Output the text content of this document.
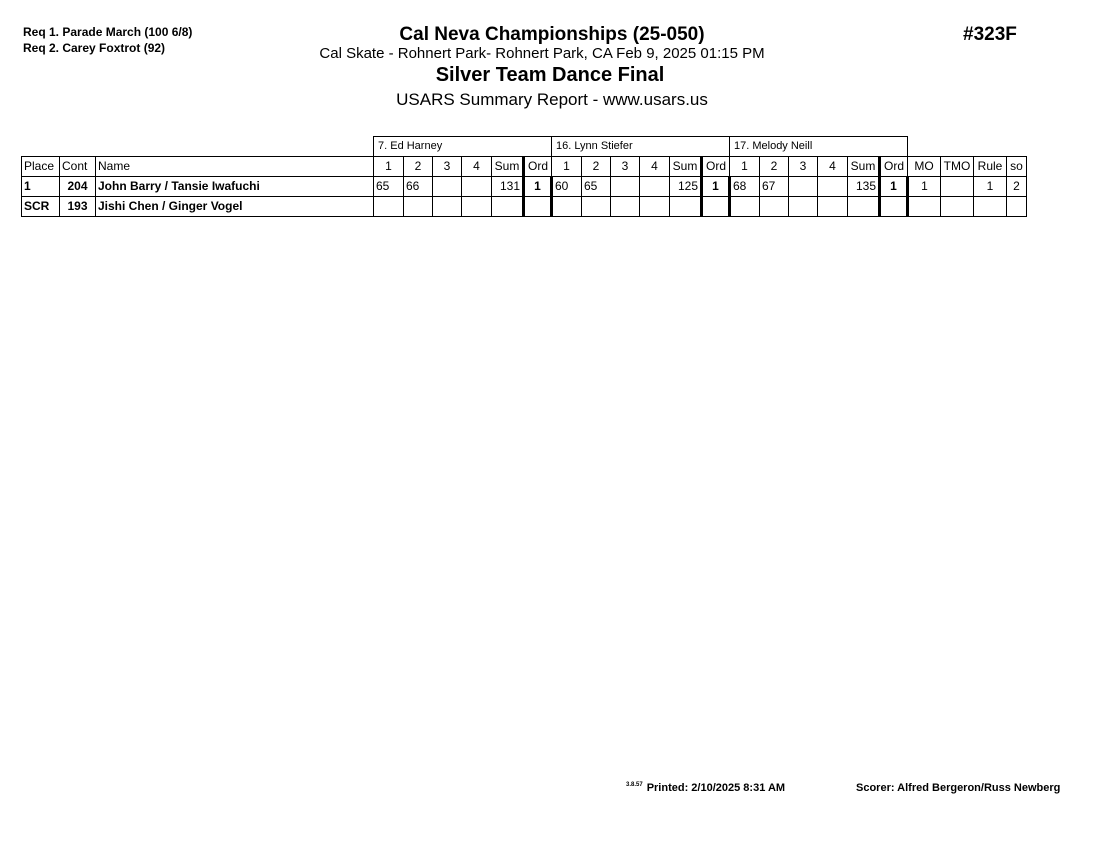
Req 1. Parade March (100 6/8)
Req 2. Carey Foxtrot (92)
Cal Neva Championships (25-050)
Cal Skate - Rohnert Park- Rohnert Park, CA Feb 9, 2025 01:15 PM
Silver Team Dance Final
USARS Summary Report - www.usars.us
#323F
			7. Ed Harney						16. Lynn Stiefer						17. Melody Neill									
Place	Cont	Name	1	2	3	4	Sum	Ord	1	2	3	4	Sum	Ord	1	2	3	4	Sum	Ord	MO	TMO	Rule	so
1	204	John Barry / Tansie Iwafuchi	65	66			131	1	60	65			125	1	68	67			135	1	1		1	2
SCR	193	Jishi Chen / Ginger Vogel																						
$^{3.8.57}$ Printed: 2/10/2025 8:31 AM	Scorer: Alfred Bergeron/Russ Newberg
